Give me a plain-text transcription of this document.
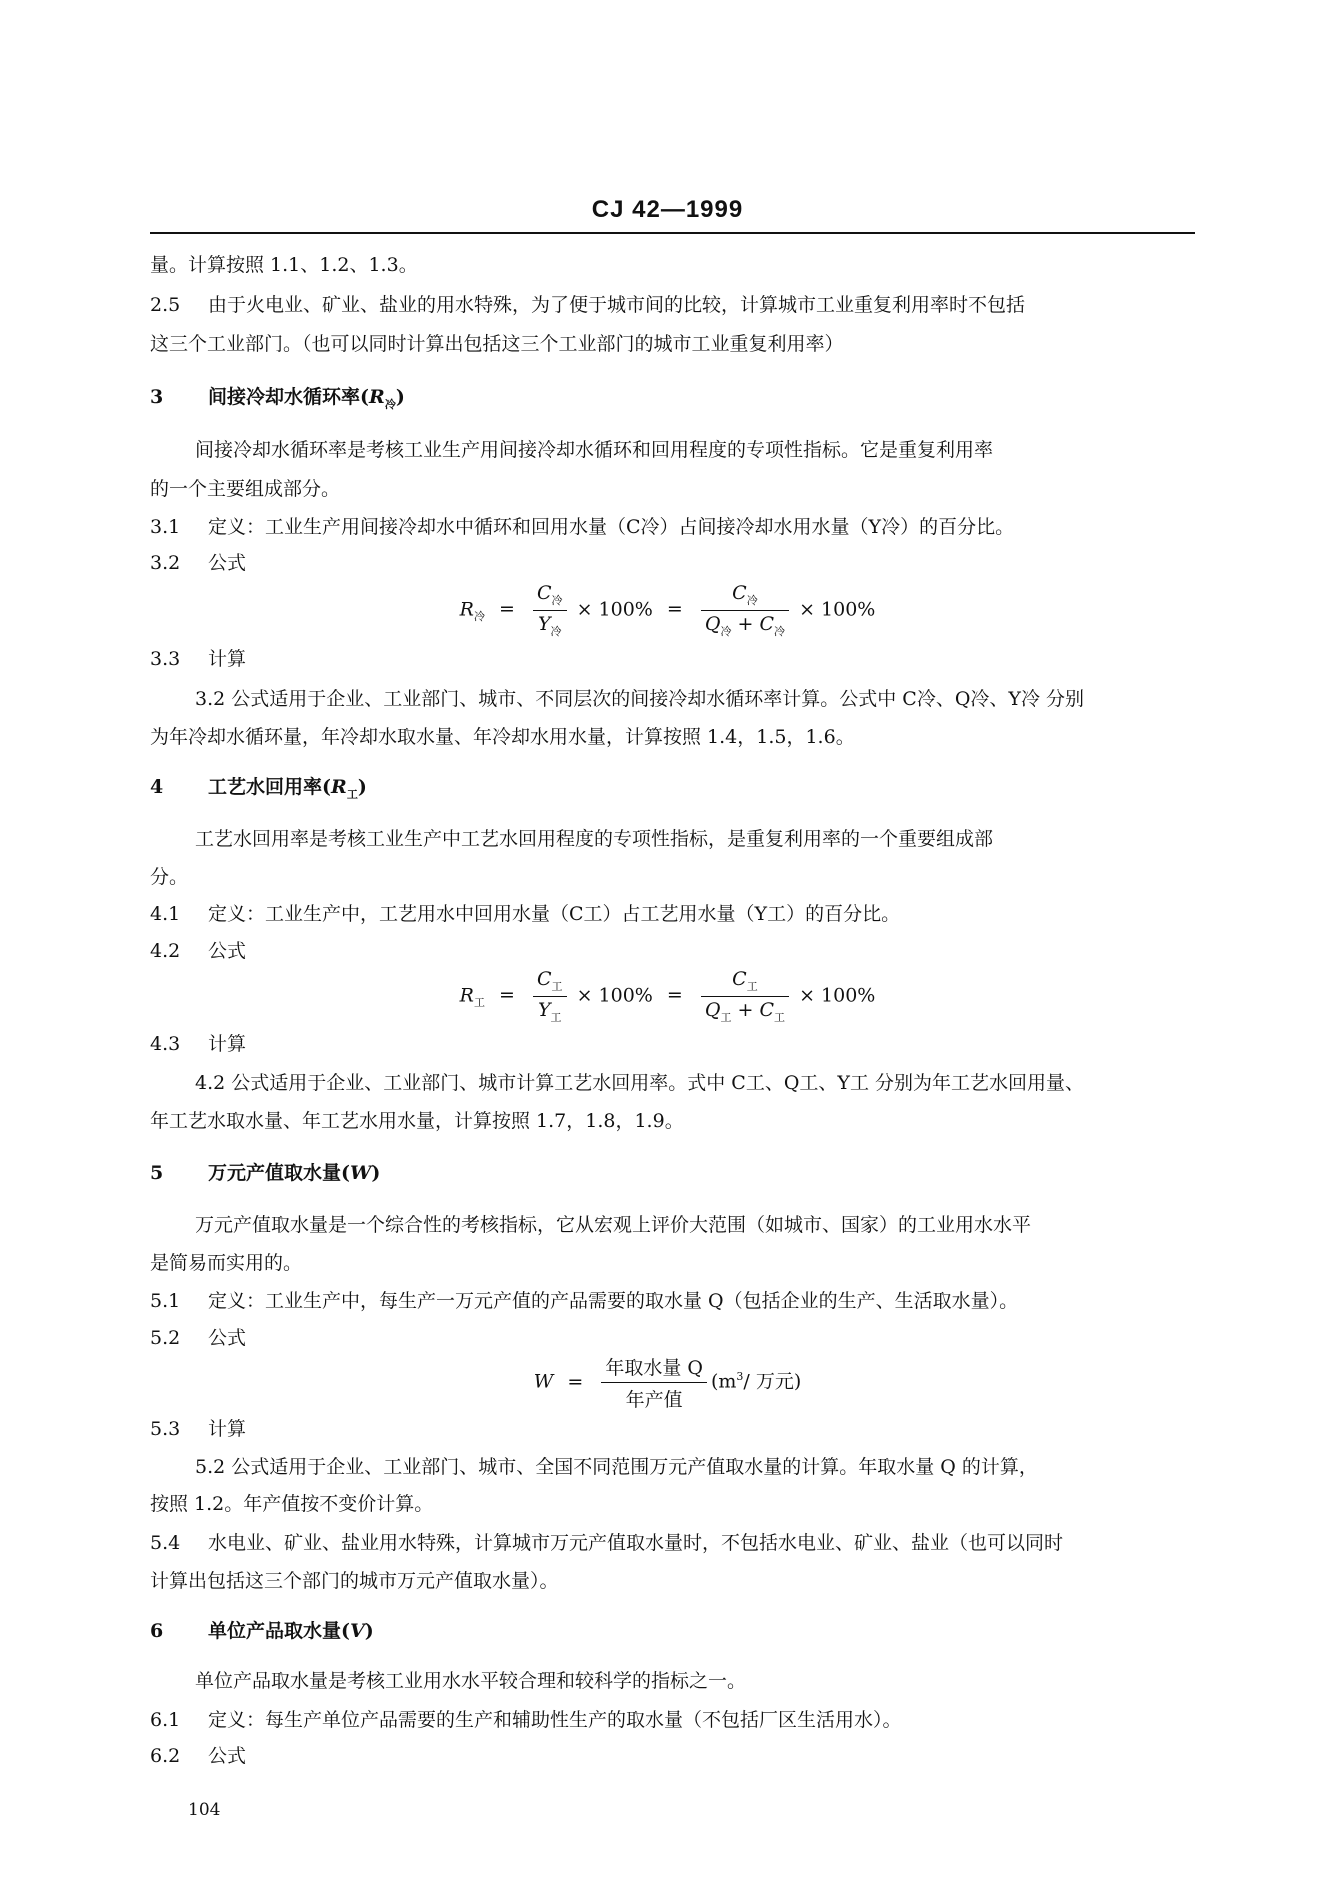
CJ 42—1999
量。计算按照 1.1、1.2、1.3。
2.5 由于火电业、矿业、盐业的用水特殊，为了便于城市间的比较，计算城市工业重复利用率时不包括
这三个工业部门。（也可以同时计算出包括这三个工业部门的城市工业重复利用率）
3 间接冷却水循环率$(R_冷)$
间接冷却水循环率是考核工业生产用间接冷却水循环和回用程度的专项性指标。它是重复利用率
的一个主要组成部分。
3.1 定义：工业生产用间接冷却水中循环和回用水量（C冷）占间接冷却水用水量（Y冷）的百分比。
3.2 公式
$R_冷 = \frac{C_冷}{Y_冷} \times 100\% = \frac{C_冷}{Q_冷 + C_冷} \times 100\%$
3.3 计算
3.2 公式适用于企业、工业部门、城市、不同层次的间接冷却水循环率计算。公式中 C冷、Q冷、Y冷 分别
为年冷却水循环量，年冷却水取水量、年冷却水用水量，计算按照 1.4，1.5，1.6。
4 工艺水回用率$(R_工)$
工艺水回用率是考核工业生产中工艺水回用程度的专项性指标，是重复利用率的一个重要组成部
分。
4.1 定义：工业生产中，工艺用水中回用水量（C工）占工艺用水量（Y工）的百分比。
4.2 公式
$R_工 = \frac{C_工}{Y_工} \times 100\% = \frac{C_工}{Q_工 + C_工} \times 100\%$
4.3 计算
4.2 公式适用于企业、工业部门、城市计算工艺水回用率。式中 C工、Q工、Y工 分别为年工艺水回用量、
年工艺水取水量、年工艺水用水量，计算按照 1.7，1.8，1.9。
5 万元产值取水量(W)
万元产值取水量是一个综合性的考核指标，它从宏观上评价大范围（如城市、国家）的工业用水水平
是简易而实用的。
5.1 定义：工业生产中，每生产一万元产值的产品需要的取水量 Q（包括企业的生产、生活取水量）。
5.2 公式
$W = \frac{\text{年取水量 Q}}{\text{年产值}} (m^3/$ 万元)
5.3 计算
5.2 公式适用于企业、工业部门、城市、全国不同范围万元产值取水量的计算。年取水量 Q 的计算，
按照 1.2。年产值按不变价计算。
5.4 水电业、矿业、盐业用水特殊，计算城市万元产值取水量时，不包括水电业、矿业、盐业（也可以同时
计算出包括这三个部门的城市万元产值取水量）。
6 单位产品取水量(V)
单位产品取水量是考核工业用水水平较合理和较科学的指标之一。
6.1 定义：每生产单位产品需要的生产和辅助性生产的取水量（不包括厂区生活用水）。
6.2 公式
104
